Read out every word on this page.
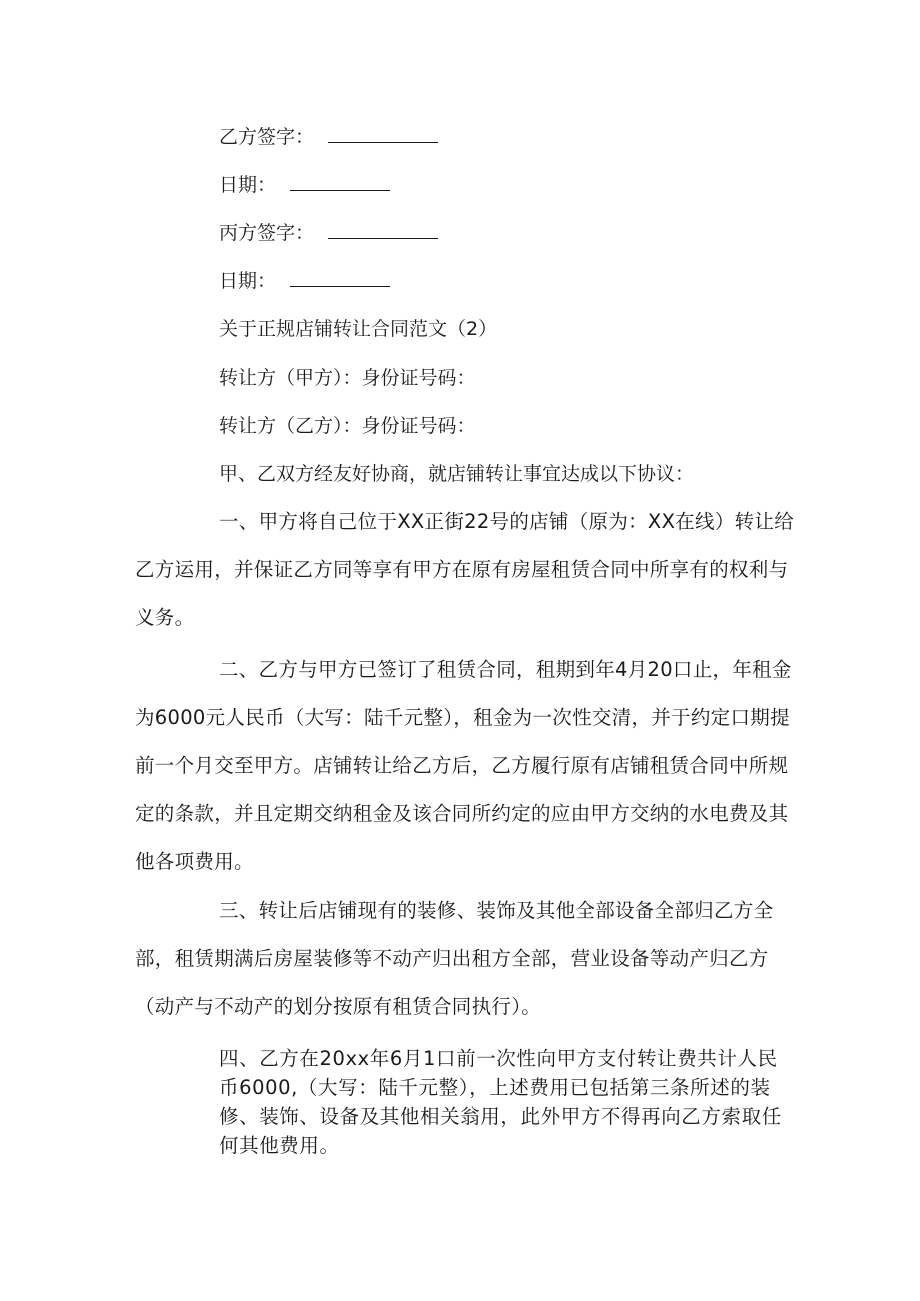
乙方签字：
日期：
丙方签字：
日期：
关于正规店铺转让合同范文（2）
转让方（甲方）：身份证号码：
转让方（乙方）：身份证号码：
甲、乙双方经友好协商，就店铺转让事宜达成以下协议：

一、甲方将自己位于XX正街22号的店铺（原为：XX在线）转让给乙方运用，并保证乙方同等享有甲方在原有房屋租赁合同中所享有的权利与义务。

二、乙方与甲方已签订了租赁合同，租期到年4月20口止，年租金为6000元人民币（大写：陆千元整），租金为一次性交清，并于约定口期提前一个月交至甲方。店铺转让给乙方后，乙方履行原有店铺租赁合同中所规定的条款，并且定期交纳租金及该合同所约定的应由甲方交纳的水电费及其他各项费用。

三、转让后店铺现有的装修、装饰及其他全部设备全部归乙方全部，租赁期满后房屋装修等不动产归出租方全部，营业设备等动产归乙方（动产与不动产的划分按原有租赁合同执行）。

四、乙方在20xx年6月1口前一次性向甲方支付转让费共计人民币6000,（大写：陆千元整），上述费用已包括第三条所述的装修、装饰、设备及其他相关翁用，此外甲方不得再向乙方索取任何其他费用。
